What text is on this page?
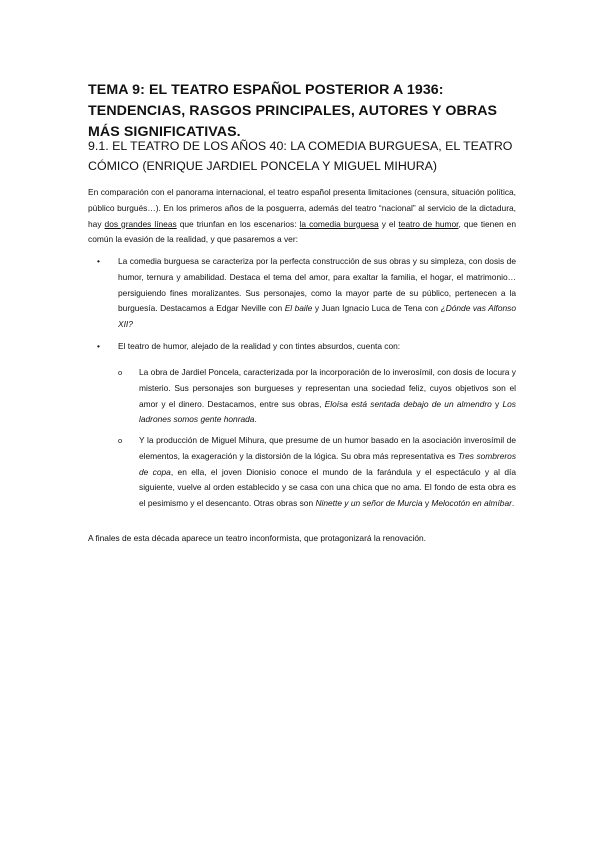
TEMA 9: EL TEATRO ESPAÑOL POSTERIOR A 1936: TENDENCIAS, RASGOS PRINCIPALES, AUTORES Y OBRAS MÁS SIGNIFICATIVAS.
9.1. EL TEATRO DE LOS AÑOS 40: LA COMEDIA BURGUESA, EL TEATRO CÓMICO (ENRIQUE JARDIEL PONCELA Y MIGUEL MIHURA)

En comparación con el panorama internacional, el teatro español presenta limitaciones (censura, situación política, público burgués…). En los primeros años de la posguerra, además del teatro “nacional” al servicio de la dictadura, hay dos grandes líneas que triunfan en los escenarios: la comedia burguesa y el teatro de humor, que tienen en común la evasión de la realidad, y que pasaremos a ver:

• La comedia burguesa se caracteriza por la perfecta construcción de sus obras y su simpleza, con dosis de humor, ternura y amabilidad. Destaca el tema del amor, para exaltar la familia, el hogar, el matrimonio… persiguiendo fines moralizantes. Sus personajes, como la mayor parte de su público, pertenecen a la burguesía. Destacamos a Edgar Neville con El baile y Juan Ignacio Luca de Tena con ¿Dónde vas Alfonso XII?
• El teatro de humor, alejado de la realidad y con tintes absurdos, cuenta con:
o La obra de Jardiel Poncela, caracterizada por la incorporación de lo inverosímil, con dosis de locura y misterio. Sus personajes son burgueses y representan una sociedad feliz, cuyos objetivos son el amor y el dinero. Destacamos, entre sus obras, Eloísa está sentada debajo de un almendro y Los ladrones somos gente honrada.
o Y la producción de Miguel Mihura, que presume de un humor basado en la asociación inverosímil de elementos, la exageración y la distorsión de la lógica. Su obra más representativa es Tres sombreros de copa, en ella, el joven Dionisio conoce el mundo de la farándula y el espectáculo y al día siguiente, vuelve al orden establecido y se casa con una chica que no ama. El fondo de esta obra es el pesimismo y el desencanto. Otras obras son Ninette y un señor de Murcia y Melocotón en almíbar.

A finales de esta década aparece un teatro inconformista, que protagonizará la renovación.
